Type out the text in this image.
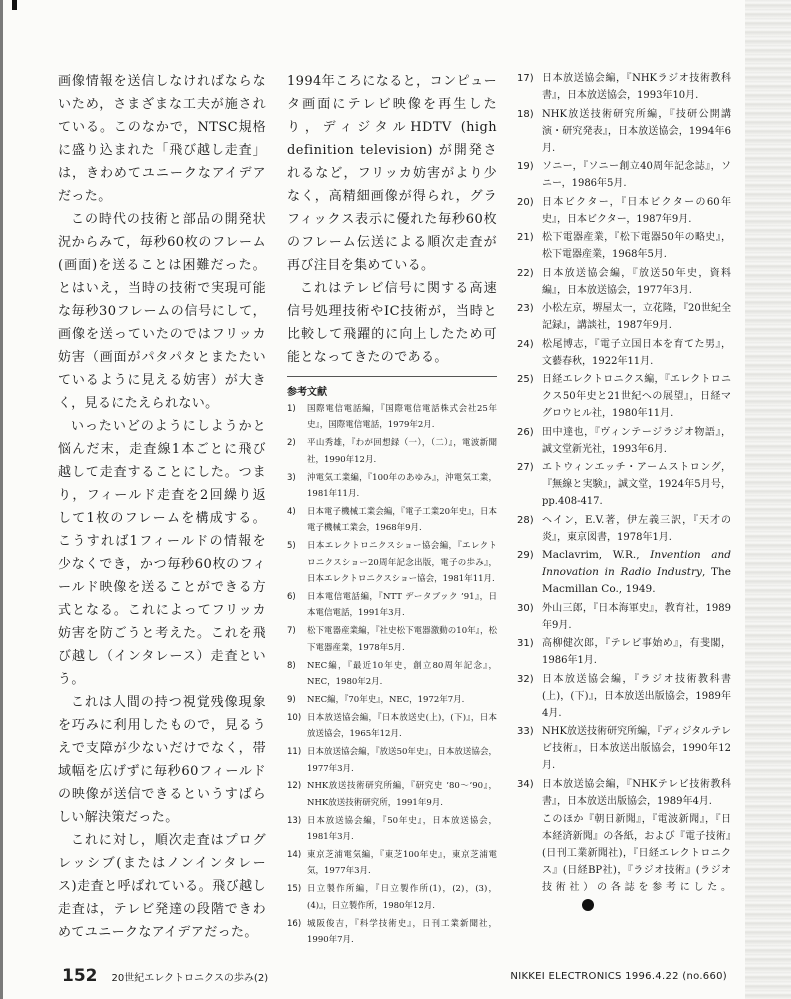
画像情報を送信しなければならないため，さまざまな工夫が施されている。このなかで，NTSC規格に盛り込まれた「飛び越し走査」は，きわめてユニークなアイデアだった。

この時代の技術と部品の開発状況からみて，毎秒60枚のフレーム(画面)を送ることは困難だった。とはいえ，当時の技術で実現可能な毎秒30フレームの信号にして，画像を送っていたのではフリッカ妨害（画面がパタパタとまたたいているように見える妨害）が大きく，見るにたえられない。

いったいどのようにしようかと悩んだ末，走査線1本ごとに飛び越して走査することにした。つまり，フィールド走査を2回繰り返して1枚のフレームを構成する。こうすれば1フィールドの情報を少なくでき，かつ毎秒60枚のフィールド映像を送ることができる方式となる。これによってフリッカ妨害を防ごうと考えた。これを飛び越し（インタレース）走査という。

これは人間の持つ視覚残像現象を巧みに利用したもので，見るうえで支障が少ないだけでなく，帯域幅を広げずに毎秒60フィールドの映像が送信できるというすばらしい解決策だった。

これに対し，順次走査はプログレッシブ(またはノンインタレース)走査と呼ばれている。飛び越し走査は，テレビ発達の段階できわめてユニークなアイデアだった。

1994年ころになると，コンピュータ画面にテレビ映像を再生したり，ディジタルHDTV (high definition television) が開発されるなど，フリッカ妨害がより少なく，高精細画像が得られ，グラフィックス表示に優れた毎秒60枚のフレーム伝送による順次走査が再び注目を集めている。

これはテレビ信号に関する高速信号処理技術やIC技術が，当時と比較して飛躍的に向上したため可能となってきたのである。

参考文献
1)	国際電信電話編，『国際電信電話株式会社25年史』，国際電信電話，1979年2月.
2)	平山秀雄，『わが回想録（一），（二）』，電波新聞社，1990年12月.
3)	沖電気工業編，『100年のあゆみ』，沖電気工業，1981年11月.
4)	日本電子機械工業会編，『電子工業20年史』，日本電子機械工業会，1968年9月.
5)	日本エレクトロニクスショー協会編，『エレクトロニクスショー20周年記念出版，電子の歩み』，日本エレクトロニクスショー協会，1981年11月.
6)	日本電信電話編，『NTT データブック ’91』，日本電信電話，1991年3月.
7)	松下電器産業編，『社史松下電器激動の10年』，松下電器産業，1978年5月.
8)	NEC編，『最近10年史，創立80周年記念』，NEC，1980年2月.
9)	NEC編，『70年史』，NEC，1972年7月.
10) 日本放送協会編，『日本放送史(上)，(下)』，日本放送協会，1965年12月.
11) 日本放送協会編，『放送50年史』，日本放送協会，1977年3月.
12) NHK放送技術研究所編，『研究史 ’80～’90』，NHK放送技術研究所，1991年9月.
13) 日本放送協会編，『50年史』，日本放送協会，1981年3月.
14) 東京芝浦電気編，『東芝100年史』，東京芝浦電気，1977年3月.
15) 日立製作所編，『日立製作所(1)，(2)，(3)，(4)』，日立製作所，1980年12月.
16) 城阪俊吉，『科学技術史』，日刊工業新聞社，1990年7月.
17) 日本放送協会編，『NHKラジオ技術教科書』，日本放送協会，1993年10月.
18) NHK放送技術研究所編，『技研公開講演・研究発表』，日本放送協会，1994年6月.
19) ソニー，『ソニー創立40周年記念誌』，ソニー，1986年5月.
20) 日本ビクター，『日本ビクターの60年史』，日本ビクター，1987年9月.
21) 松下電器産業，『松下電器50年の略史』，松下電器産業，1968年5月.
22) 日本放送協会編，『放送50年史，資料編』，日本放送協会，1977年3月.
23) 小松左京，堺屋太一，立花隆，『20世紀全記録』，講談社，1987年9月.
24) 松尾博志，『電子立国日本を育てた男』，文藝春秋，1922年11月.
25) 日経エレクトロニクス編，『エレクトロニクス50年史と21世紀への展望』，日経マグロウヒル社，1980年11月.
26) 田中達也，『ヴィンテージラジオ物語』，誠文堂新光社，1993年6月.
27) エトウィンエッチ・アームストロング，『無線と実験』，誠文堂，1924年5月号，pp.408-417.
28) ヘイン，E.V.著，伊左義三訳，『天才の炎』，東京図書，1978年1月.
29) Maclavrim, W.R., Invention and Innovation in Radio Industry, The Macmillan Co., 1949.
30) 外山三郎，『日本海軍史』，教育社，1989年9月.
31) 高柳健次郎，『テレビ事始め』，有斐閣，1986年1月.
32) 日本放送協会編，『ラジオ技術教科書(上)，(下)』，日本放送出版協会，1989年4月.
33) NHK放送技術研究所編，『ディジタルテレビ技術』，日本放送出版協会，1990年12月.
34) 日本放送協会編，『NHKテレビ技術教科書』，日本放送出版協会，1989年4月.
このほか『朝日新聞』，『電波新聞』，『日本経済新聞』の各紙，および『電子技術』(日刊工業新聞社)，『日経エレクトロニクス』(日経BP社)，『ラジオ技術』(ラジオ技術社）の各誌を参考にした。
152 20世紀エレクトロニクスの歩み(2)	NIKKEI ELECTRONICS 1996.4.22 (no.660)
